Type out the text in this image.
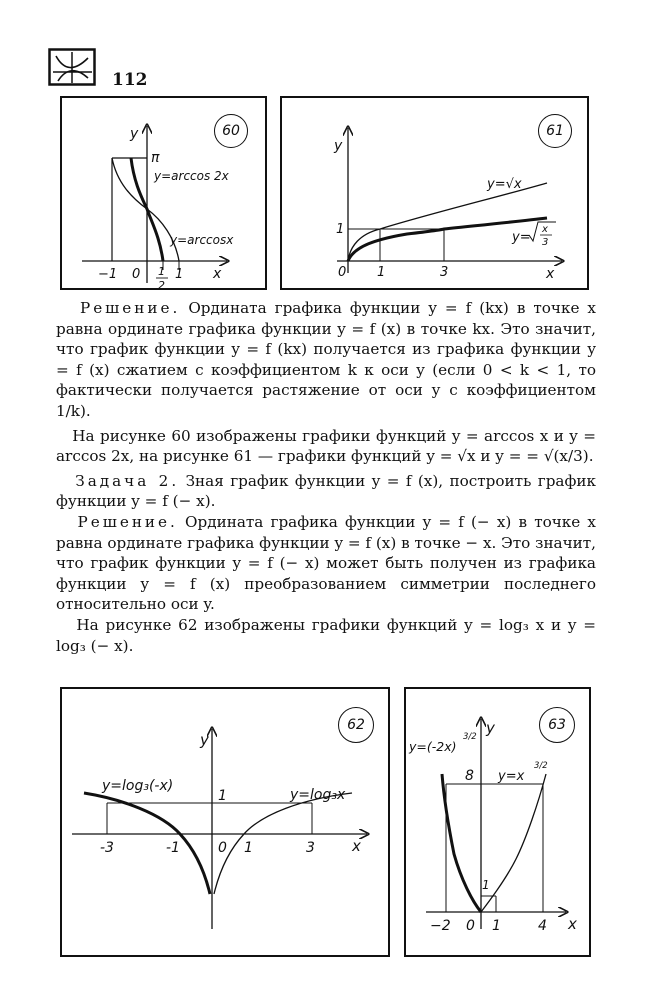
112
y
x
π
y=arccos 2x
y=arccosx
−1 0 1
2
1
60
y
x
y=√x
y=
x
3
1
0 1	3
61

Решение. Ордината графика функции y = f (kx) в точке x равна ординате графика функции y = f (x) в точке kx. Это значит, что график функции y = f (kx) получается из графика функции y = f (x) сжатием с коэффициентом k к оси y (если 0 < k < 1, то фактически получается растяжение от оси y с коэффициентом 1/k).

На рисунке 60 изображены графики функций y = arccos x и y = arccos 2x, на рисунке 61 — графики функций y = √x и y = = √(x/3).

Задача 2. Зная график функции y = f (x), построить график функции y = f (− x).

Решение. Ордината графика функции y = f (− x) в точке x равна ординате графика функции y = f (x) в точке − x. Это значит, что график функции y = f (− x) может быть получен из графика функции y = f (x) преобразованием симметрии последнего относительно оси y.

На рисунке 62 изображены графики функций y = log₃ x и y = log₃ (− x).

y
x
y=log₃(-x)
y=log₃x
1
-3	-1	0 1	3
62	y
x
y=(-2x)
3/2
y=x
3/2
8
1
−2 0 1	4
63
